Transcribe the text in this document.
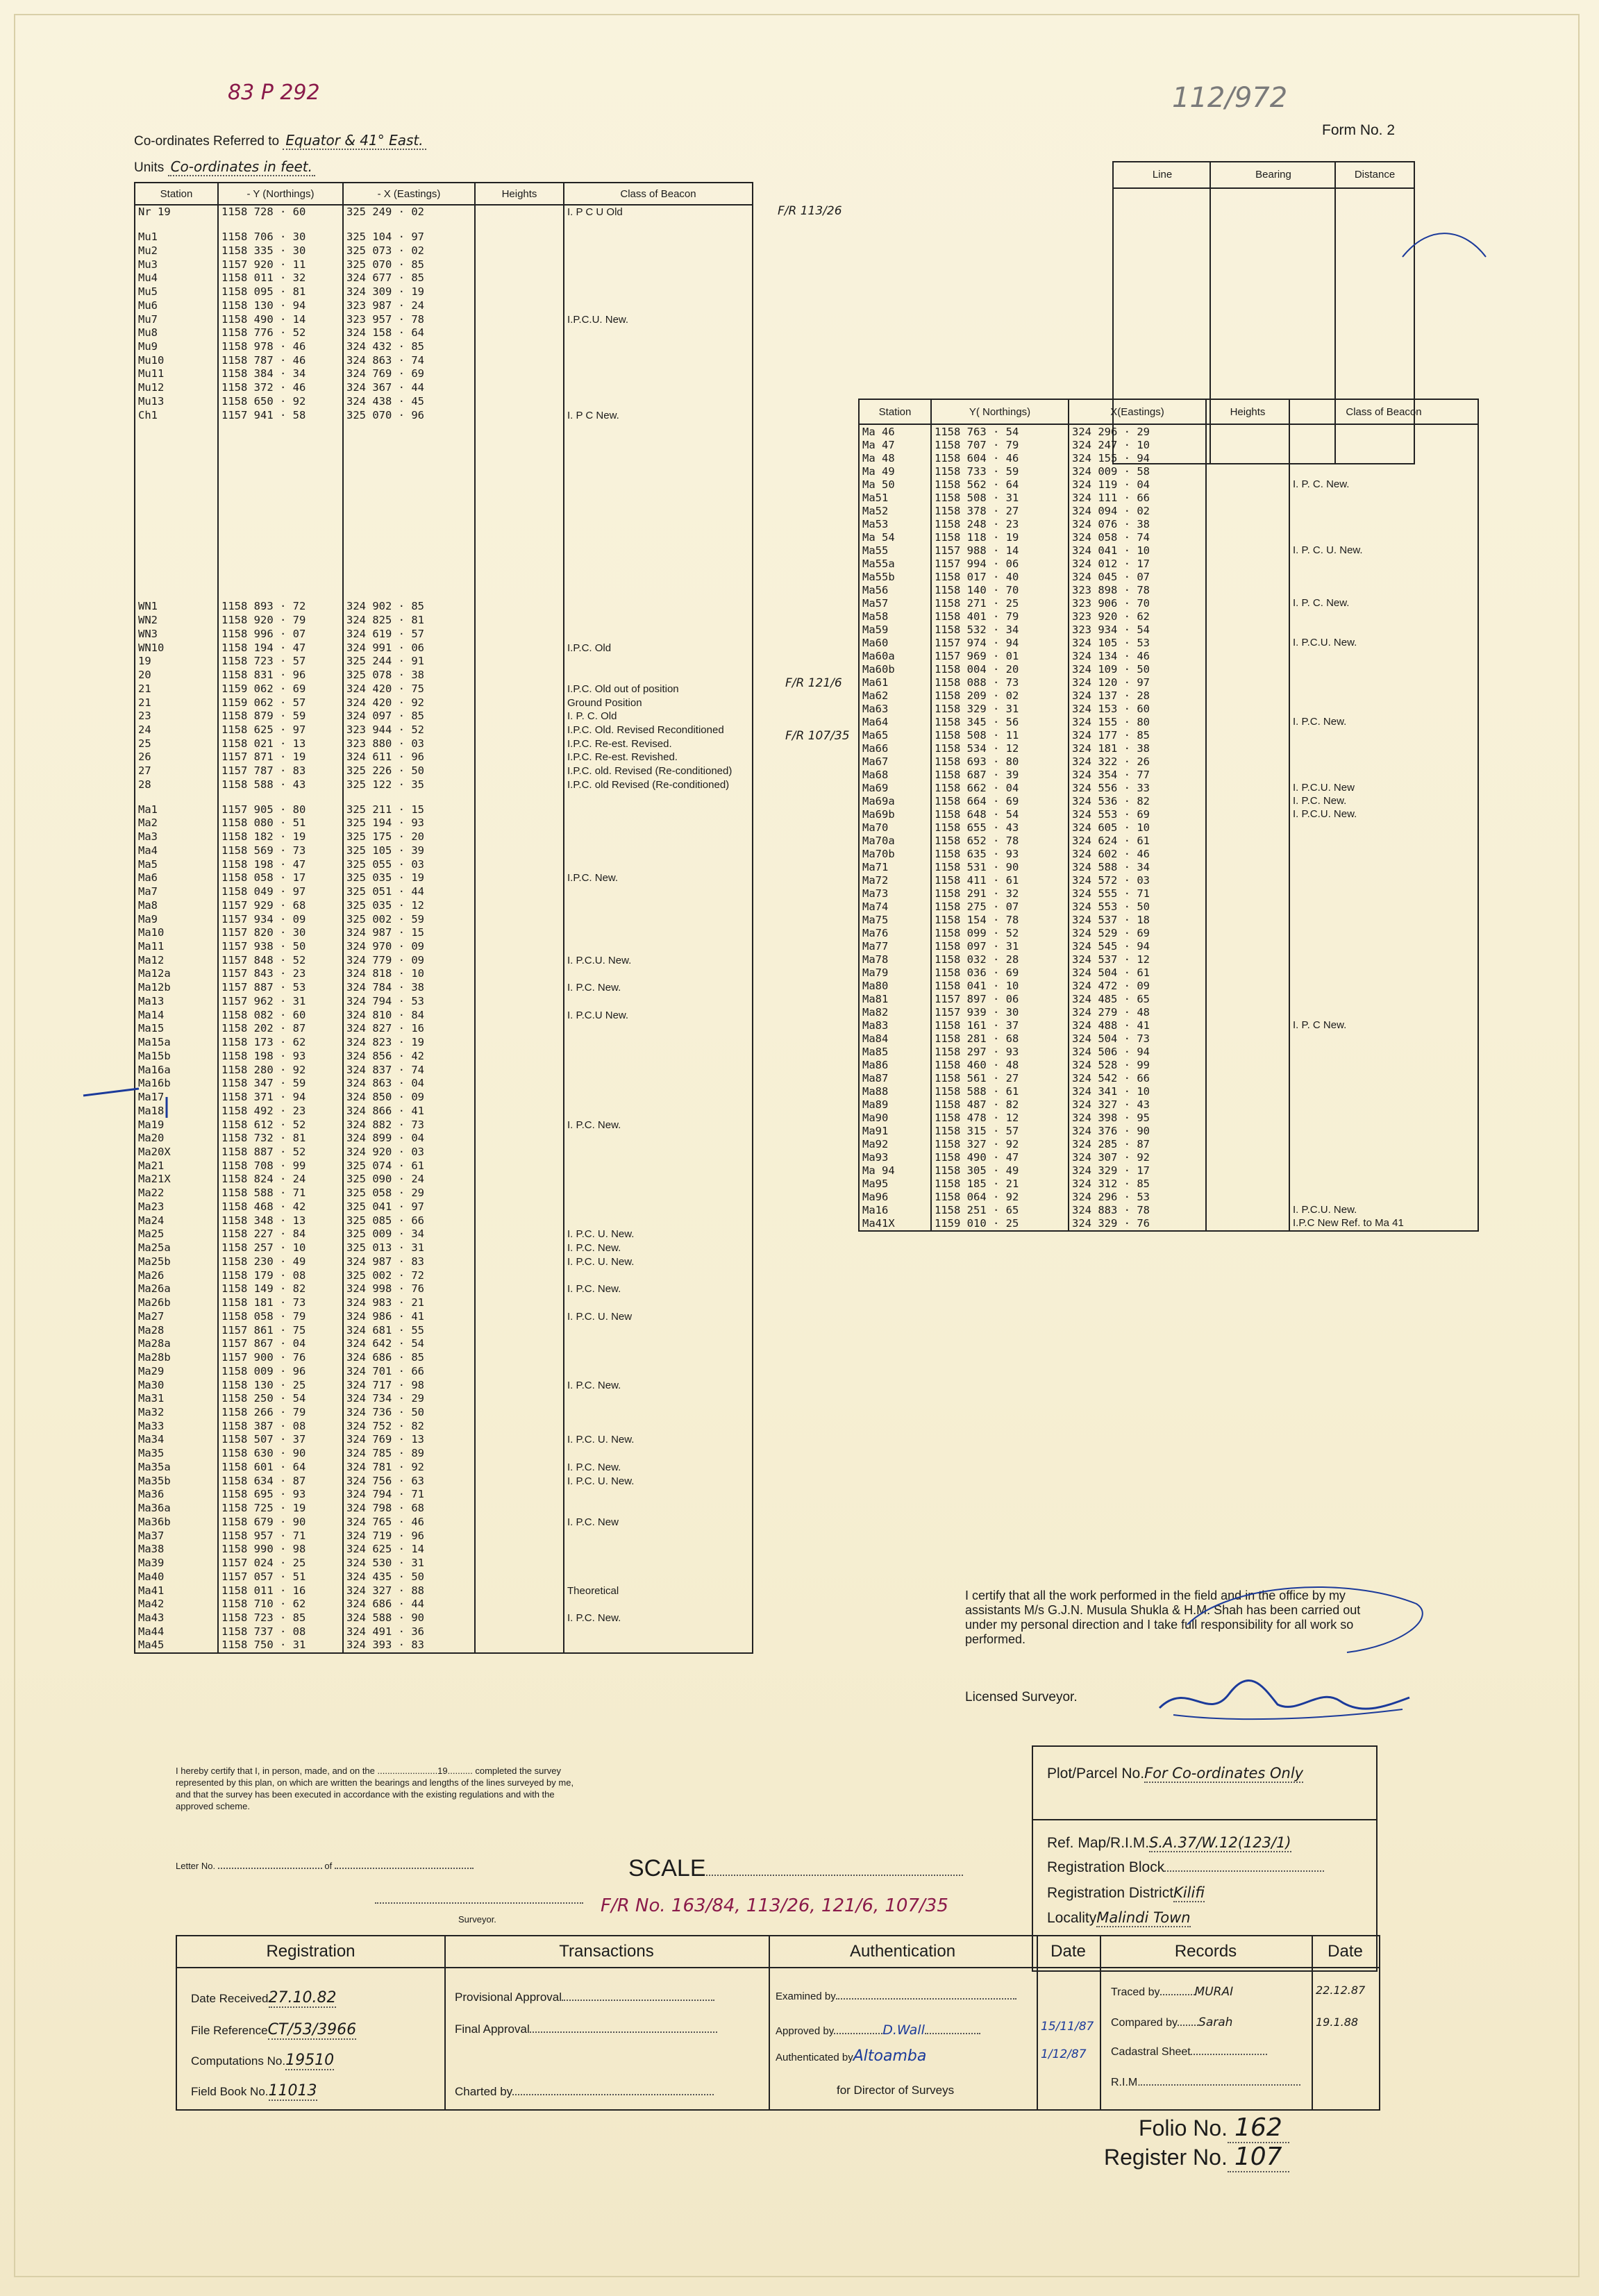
83 P 292	112/972
Form No. 2
Co-ordinates Referred to Equator & 41° East.
Units Co-ordinates in feet.
Station	- Y (Northings)	- X (Eastings)	Heights	Class of Beacon
Nr 19	1158 728 · 60	325 249 · 02		I. P C U Old

Mu1	1158 706 · 30	325 104 · 97		
Mu2	1158 335 · 30	325 073 · 02		
Mu3	1157 920 · 11	325 070 · 85		
Mu4	1158 011 · 32	324 677 · 85		
Mu5	1158 095 · 81	324 309 · 19		
Mu6	1158 130 · 94	323 987 · 24		
Mu7	1158 490 · 14	323 957 · 78		I.P.C.U. New.
Mu8	1158 776 · 52	324 158 · 64		
Mu9	1158 978 · 46	324 432 · 85		
Mu10	1158 787 · 46	324 863 · 74		
Mu11	1158 384 · 34	324 769 · 69		
Mu12	1158 372 · 46	324 367 · 44		
Mu13	1158 650 · 92	324 438 · 45		
Ch1	1157 941 · 58	325 070 · 96		I. P C New.

WN1	1158 893 · 72	324 902 · 85		
WN2	1158 920 · 79	324 825 · 81		
WN3	1158 996 · 07	324 619 · 57		
WN10	1158 194 · 47	324 991 · 06		I.P.C. Old
19	1158 723 · 57	325 244 · 91		
20	1158 831 · 96	325 078 · 38		
21	1159 062 · 69	324 420 · 75		I.P.C. Old out of position
21	1159 062 · 57	324 420 · 92		Ground Position
23	1158 879 · 59	324 097 · 85		I. P. C. Old
24	1158 625 · 97	323 944 · 52		I.P.C. Old. Revised Reconditioned
25	1158 021 · 13	323 880 · 03		I.P.C. Re-est. Revised.
26	1157 871 · 19	324 611 · 96		I.P.C. Re-est. Revished.
27	1157 787 · 83	325 226 · 50		I.P.C. old. Revised (Re-conditioned)
28	1158 588 · 43	325 122 · 35		I.P.C. old Revised (Re-conditioned)

Ma1	1157 905 · 80	325 211 · 15		
Ma2	1158 080 · 51	325 194 · 93		
Ma3	1158 182 · 19	325 175 · 20		
Ma4	1158 569 · 73	325 105 · 39		
Ma5	1158 198 · 47	325 055 · 03		
Ma6	1158 058 · 17	325 035 · 19		I.P.C. New.
Ma7	1158 049 · 97	325 051 · 44		
Ma8	1157 929 · 68	325 035 · 12		
Ma9	1157 934 · 09	325 002 · 59		
Ma10	1157 820 · 30	324 987 · 15		
Ma11	1157 938 · 50	324 970 · 09		
Ma12	1157 848 · 52	324 779 · 09		I. P.C.U. New.
Ma12a	1157 843 · 23	324 818 · 10		
Ma12b	1157 887 · 53	324 784 · 38		I. P.C. New.
Ma13	1157 962 · 31	324 794 · 53		
Ma14	1158 082 · 60	324 810 · 84		I. P.C.U New.
Ma15	1158 202 · 87	324 827 · 16		
Ma15a	1158 173 · 62	324 823 · 19		
Ma15b	1158 198 · 93	324 856 · 42		
Ma16a	1158 280 · 92	324 837 · 74		
Ma16b	1158 347 · 59	324 863 · 04		
Ma17	1158 371 · 94	324 850 · 09		
Ma18	1158 492 · 23	324 866 · 41		
Ma19	1158 612 · 52	324 882 · 73		I. P.C. New.
Ma20	1158 732 · 81	324 899 · 04		
Ma20X	1158 887 · 52	324 920 · 03		
Ma21	1158 708 · 99	325 074 · 61		
Ma21X	1158 824 · 24	325 090 · 24		
Ma22	1158 588 · 71	325 058 · 29		
Ma23	1158 468 · 42	325 041 · 97		
Ma24	1158 348 · 13	325 085 · 66		
Ma25	1158 227 · 84	325 009 · 34		I. P.C. U. New.
Ma25a	1158 257 · 10	325 013 · 31		I. P.C. New.
Ma25b	1158 230 · 49	324 987 · 83		I. P.C. U. New.
Ma26	1158 179 · 08	325 002 · 72		
Ma26a	1158 149 · 82	324 998 · 76		I. P.C. New.
Ma26b	1158 181 · 73	324 983 · 21		
Ma27	1158 058 · 79	324 986 · 41		I. P.C. U. New
Ma28	1157 861 · 75	324 681 · 55		
Ma28a	1157 867 · 04	324 642 · 54		
Ma28b	1157 900 · 76	324 686 · 85		
Ma29	1158 009 · 96	324 701 · 66		
Ma30	1158 130 · 25	324 717 · 98		I. P.C. New.
Ma31	1158 250 · 54	324 734 · 29		
Ma32	1158 266 · 79	324 736 · 50		
Ma33	1158 387 · 08	324 752 · 82		
Ma34	1158 507 · 37	324 769 · 13		I. P.C. U. New.
Ma35	1158 630 · 90	324 785 · 89		
Ma35a	1158 601 · 64	324 781 · 92		I. P.C. New.
Ma35b	1158 634 · 87	324 756 · 63		I. P.C. U. New.
Ma36	1158 695 · 93	324 794 · 71		
Ma36a	1158 725 · 19	324 798 · 68		
Ma36b	1158 679 · 90	324 765 · 46		I. P.C. New
Ma37	1158 957 · 71	324 719 · 96		
Ma38	1158 990 · 98	324 625 · 14		
Ma39	1157 024 · 25	324 530 · 31		
Ma40	1157 057 · 51	324 435 · 50		
Ma41	1158 011 · 16	324 327 · 88		Theoretical
Ma42	1158 710 · 62	324 686 · 44		
Ma43	1158 723 · 85	324 588 · 90		I. P.C. New.
Ma44	1158 737 · 08	324 491 · 36		
Ma45	1158 750 · 31	324 393 · 83		
F/R 113/26
F/R 121/6
F/R 107/35
Line	Bearing	Distance
Station	Y( Northings)	X(Eastings)	Heights	Class of Beacon
Ma 46	1158 763 · 54	324 296 · 29		
Ma 47	1158 707 · 79	324 247 · 10		
Ma 48	1158 604 · 46	324 155 · 94		
Ma 49	1158 733 · 59	324 009 · 58		
Ma 50	1158 562 · 64	324 119 · 04		I. P. C. New.
Ma51	1158 508 · 31	324 111 · 66		
Ma52	1158 378 · 27	324 094 · 02		
Ma53	1158 248 · 23	324 076 · 38		
Ma 54	1158 118 · 19	324 058 · 74		
Ma55	1157 988 · 14	324 041 · 10		I. P. C. U. New.
Ma55a	1157 994 · 06	324 012 · 17		
Ma55b	1158 017 · 40	324 045 · 07		
Ma56	1158 140 · 70	323 898 · 78		
Ma57	1158 271 · 25	323 906 · 70		I. P. C. New.
Ma58	1158 401 · 79	323 920 · 62		
Ma59	1158 532 · 34	323 934 · 54		
Ma60	1157 974 · 94	324 105 · 53		I. P.C.U. New.
Ma60a	1157 969 · 01	324 134 · 46		
Ma60b	1158 004 · 20	324 109 · 50		
Ma61	1158 088 · 73	324 120 · 97		
Ma62	1158 209 · 02	324 137 · 28		
Ma63	1158 329 · 31	324 153 · 60		
Ma64	1158 345 · 56	324 155 · 80		I. P.C. New.
Ma65	1158 508 · 11	324 177 · 85		
Ma66	1158 534 · 12	324 181 · 38		
Ma67	1158 693 · 80	324 322 · 26		
Ma68	1158 687 · 39	324 354 · 77		
Ma69	1158 662 · 04	324 556 · 33		I. P.C.U. New
Ma69a	1158 664 · 69	324 536 · 82		I. P.C. New.
Ma69b	1158 648 · 54	324 553 · 69		I. P.C.U. New.
Ma70	1158 655 · 43	324 605 · 10		
Ma70a	1158 652 · 78	324 624 · 61		
Ma70b	1158 635 · 93	324 602 · 46		
Ma71	1158 531 · 90	324 588 · 34		
Ma72	1158 411 · 61	324 572 · 03		
Ma73	1158 291 · 32	324 555 · 71		
Ma74	1158 275 · 07	324 553 · 50		
Ma75	1158 154 · 78	324 537 · 18		
Ma76	1158 099 · 52	324 529 · 69		
Ma77	1158 097 · 31	324 545 · 94		
Ma78	1158 032 · 28	324 537 · 12		
Ma79	1158 036 · 69	324 504 · 61		
Ma80	1158 041 · 10	324 472 · 09		
Ma81	1157 897 · 06	324 485 · 65		
Ma82	1157 939 · 30	324 279 · 48		
Ma83	1158 161 · 37	324 488 · 41		I. P. C New.
Ma84	1158 281 · 68	324 504 · 73		
Ma85	1158 297 · 93	324 506 · 94		
Ma86	1158 460 · 48	324 528 · 99		
Ma87	1158 561 · 27	324 542 · 66		
Ma88	1158 588 · 61	324 341 · 10		
Ma89	1158 487 · 82	324 327 · 43		
Ma90	1158 478 · 12	324 398 · 95		
Ma91	1158 315 · 57	324 376 · 90		
Ma92	1158 327 · 92	324 285 · 87		
Ma93	1158 490 · 47	324 307 · 92		
Ma 94	1158 305 · 49	324 329 · 17		
Ma95	1158 185 · 21	324 312 · 85		
Ma96	1158 064 · 92	324 296 · 53		
Ma16	1158 251 · 65	324 883 · 78		I. P.C.U. New.
Ma41X	1159 010 · 25	324 329 · 76		I.P.C New Ref. to Ma 41
I certify that all the work performed in the field and in the office by my assistants M/s G.J.N. Musula Shukla & H.M. Shah has been carried out under my personal direction and I take full responsibility for all work so performed.
Licensed Surveyor.
I hereby certify that I, in person, made, and on the ........................19.......... completed the survey represented by this plan, on which are written the bearings and lengths of the lines surveyed by me, and that the survey has been executed in accordance with the existing regulations and with the approved scheme.
Letter No.	of
Surveyor.
SCALE
F/R No. 163/84, 113/26, 121/6, 107/35
Plot/Parcel No.For Co-ordinates Only
Ref. Map/R.I.M.S.A.37/W.12(123/1)
Registration Block
Registration DistrictKilifi
LocalityMalindi Town
Registration	Transactions	Authentication	Date	Records	Date
Date Received27.10.82
File ReferenceCT/53/3966
Computations No.19510
Field Book No.11013
Provisional Approval
Final Approval
Charted by
Examined by
Approved by	D.Wall
Authenticated byAltoamba
for Director of Surveys
15/11/87
1/12/87
Traced by	MURAI
Compared by Sarah
Cadastral Sheet
R.I.M.
22.12.87
19.1.88
Folio No. 162
Register No. 107
